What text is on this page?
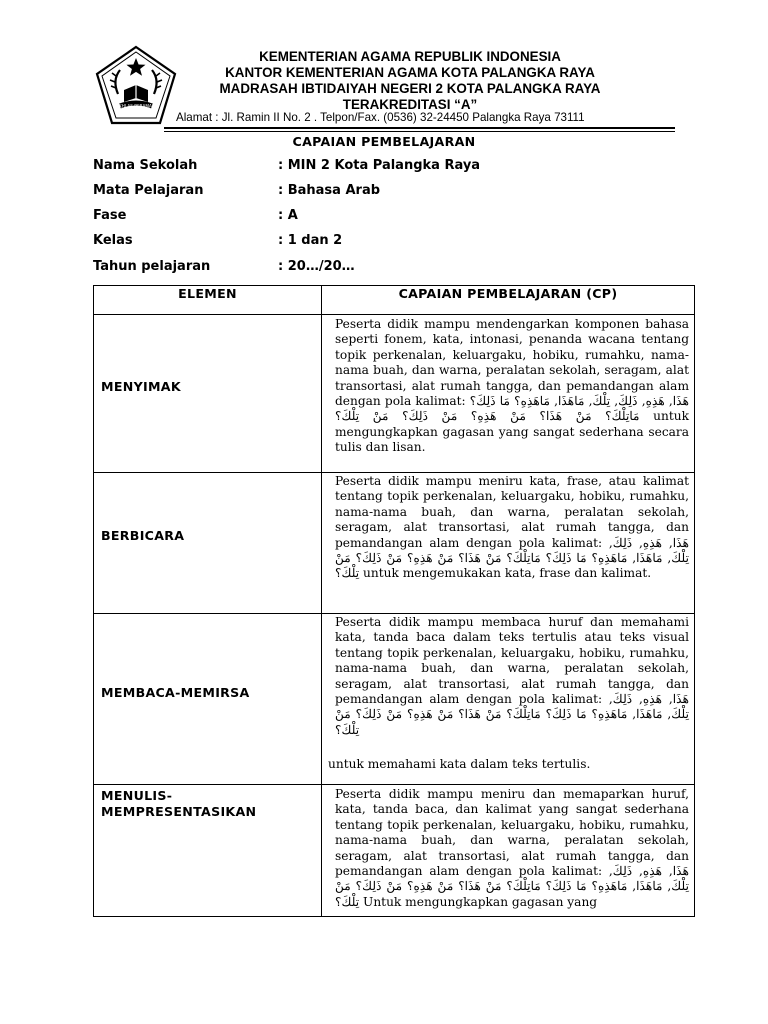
IKHLAS BERAMAL
KEMENTERIAN AGAMA REPUBLIK INDONESIA
KANTOR KEMENTERIAN AGAMA KOTA PALANGKA RAYA
MADRASAH IBTIDAIYAH NEGERI 2 KOTA PALANGKA RAYA
TERAKREDITASI “A”
Alamat : Jl. Ramin II No. 2 . Telpon/Fax. (0536) 32-24450 Palangka Raya 73111
CAPAIAN PEMBELAJARAN
Nama Sekolah	: MIN 2 Kota Palangka Raya
Mata Pelajaran	: Bahasa Arab
Fase	: A
Kelas	: 1 dan 2
Tahun pelajaran	: 20…/20…
ELEMEN	CAPAIAN PEMBELAJARAN (CP)
MENYIMAK

Peserta didik mampu mendengarkan komponen bahasa seperti fonem, kata, intonasi, penanda wacana tentang topik perkenalan, keluargaku, hobiku, rumahku, nama-nama buah, dan warna, peralatan sekolah, seragam, alat transortasi, alat rumah tangga, dan pemandangan alam dengan pola kalimat: هَذَا, هَذِهِ, ذَلِكَ, تِلْكَ, مَاهَذَا, مَاهَذِهِ؟ مَا ذَلِكَ؟ مَاتِلْكَ؟ مَنْ هَذَا؟ مَنْ هَذِهِ؟ مَنْ ذَلِكَ؟ مَنْ تِلْكَ؟ untuk mengungkapkan gagasan yang sangat sederhana secara tulis dan lisan.

BERBICARA

Peserta didik mampu meniru kata, frase, atau kalimat tentang topik perkenalan, keluargaku, hobiku, rumahku, nama-nama buah, dan warna, peralatan sekolah, seragam, alat transortasi, alat rumah tangga, dan pemandangan alam dengan pola kalimat: هَذَا, هَذِهِ, ذَلِكَ, تِلْكَ, مَاهَذَا, مَاهَذِهِ؟ مَا ذَلِكَ؟ مَاتِلْكَ؟ مَنْ هَذَا؟ مَنْ هَذِهِ؟ مَنْ ذَلِكَ؟ مَنْ تِلْكَ؟ untuk mengemukakan kata, frase dan kalimat.

MEMBACA-MEMIRSA

Peserta didik mampu membaca huruf dan memahami kata, tanda baca dalam teks tertulis atau teks visual tentang topik perkenalan, keluargaku, hobiku, rumahku, nama-nama buah, dan warna, peralatan sekolah, seragam, alat transortasi, alat rumah tangga, dan pemandangan alam dengan pola kalimat: هَذَا, هَذِهِ, ذَلِكَ, تِلْكَ, مَاهَذَا, مَاهَذِهِ؟ مَا ذَلِكَ؟ مَاتِلْكَ؟ مَنْ هَذَا؟ مَنْ هَذِهِ؟ مَنْ ذَلِكَ؟ مَنْ تِلْكَ؟

untuk memahami kata dalam teks tertulis.
MENULIS-
MEMPRESENTASIKAN

Peserta didik mampu meniru dan memaparkan huruf, kata, tanda baca, dan kalimat yang sangat sederhana tentang topik perkenalan, keluargaku, hobiku, rumahku, nama-nama buah, dan warna, peralatan sekolah, seragam, alat transortasi, alat rumah tangga, dan pemandangan alam dengan pola kalimat: هَذَا, هَذِهِ, ذَلِكَ, تِلْكَ, مَاهَذَا, مَاهَذِهِ؟ مَا ذَلِكَ؟ مَاتِلْكَ؟ مَنْ هَذَا؟ مَنْ هَذِهِ؟ مَنْ ذَلِكَ؟ مَنْ تِلْكَ؟ Untuk mengungkapkan gagasan yang
